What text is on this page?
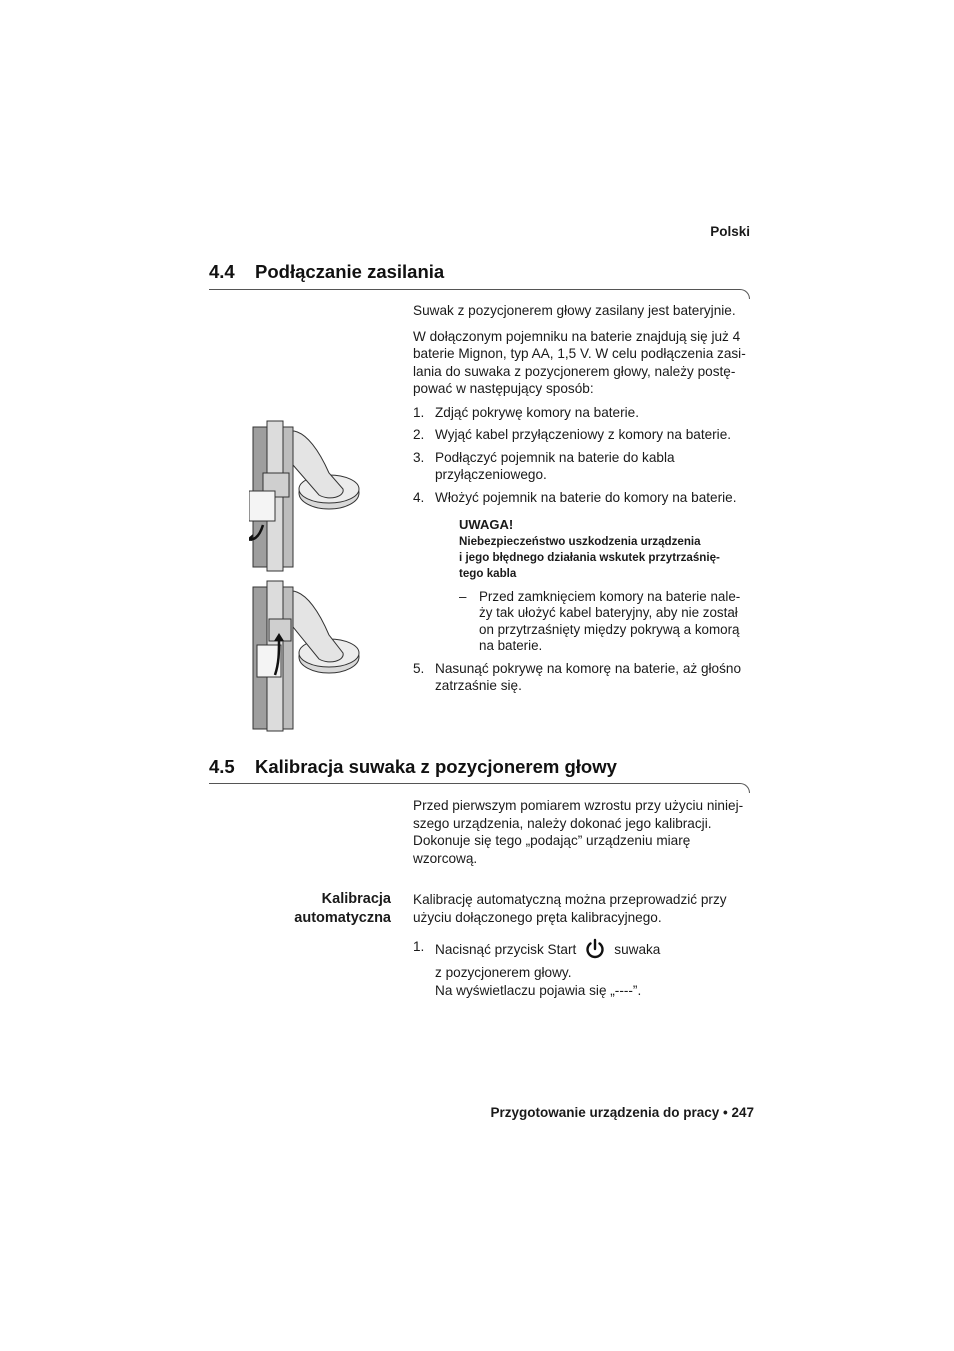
Polski
4.4 Podłączanie zasilania

Suwak z pozycjonerem głowy zasilany jest bateryjnie.

W dołączonym pojemniku na baterie znajdują się już 4
baterie Mignon, typ AA, 1,5 V. W celu podłączenia zasi-
lania do suwaka z pozycjonerem głowy, należy postę-
pować w następujący sposób:

1. Zdjąć pokrywę komory na baterie.
2. Wyjąć kabel przyłączeniowy z komory na baterie.
3. Podłączyć pojemnik na baterie do kabla
przyłączeniowego.
4. Włożyć pojemnik na baterie do komory na baterie.
UWAGA!
Niebezpieczeństwo uszkodzenia urządzenia
i jego błędnego działania wskutek przytrzaśnię-
tego kabla
– Przed zamknięciem komory na baterie nale-
ży tak ułożyć kabel bateryjny, aby nie został
on przytrzaśnięty między pokrywą a komorą
na baterie.
5. Nasunąć pokrywę na komorę na baterie, aż głośno
zatrzaśnie się.
4.5 Kalibracja suwaka z pozycjonerem głowy
Przed pierwszym pomiarem wzrostu przy użyciu niniej-
szego urządzenia, należy dokonać jego kalibracji.
Dokonuje się tego „podając” urządzeniu miarę
wzorcową.
Kalibracja
automatyczna
Kalibrację automatyczną można przeprowadzić przy
użyciu dołączonego pręta kalibracyjnego.
1. Nacisnąć przycisk Start	suwaka
z pozycjonerem głowy.
Na wyświetlaczu pojawia się „----”.
Przygotowanie urządzenia do pracy • 247
